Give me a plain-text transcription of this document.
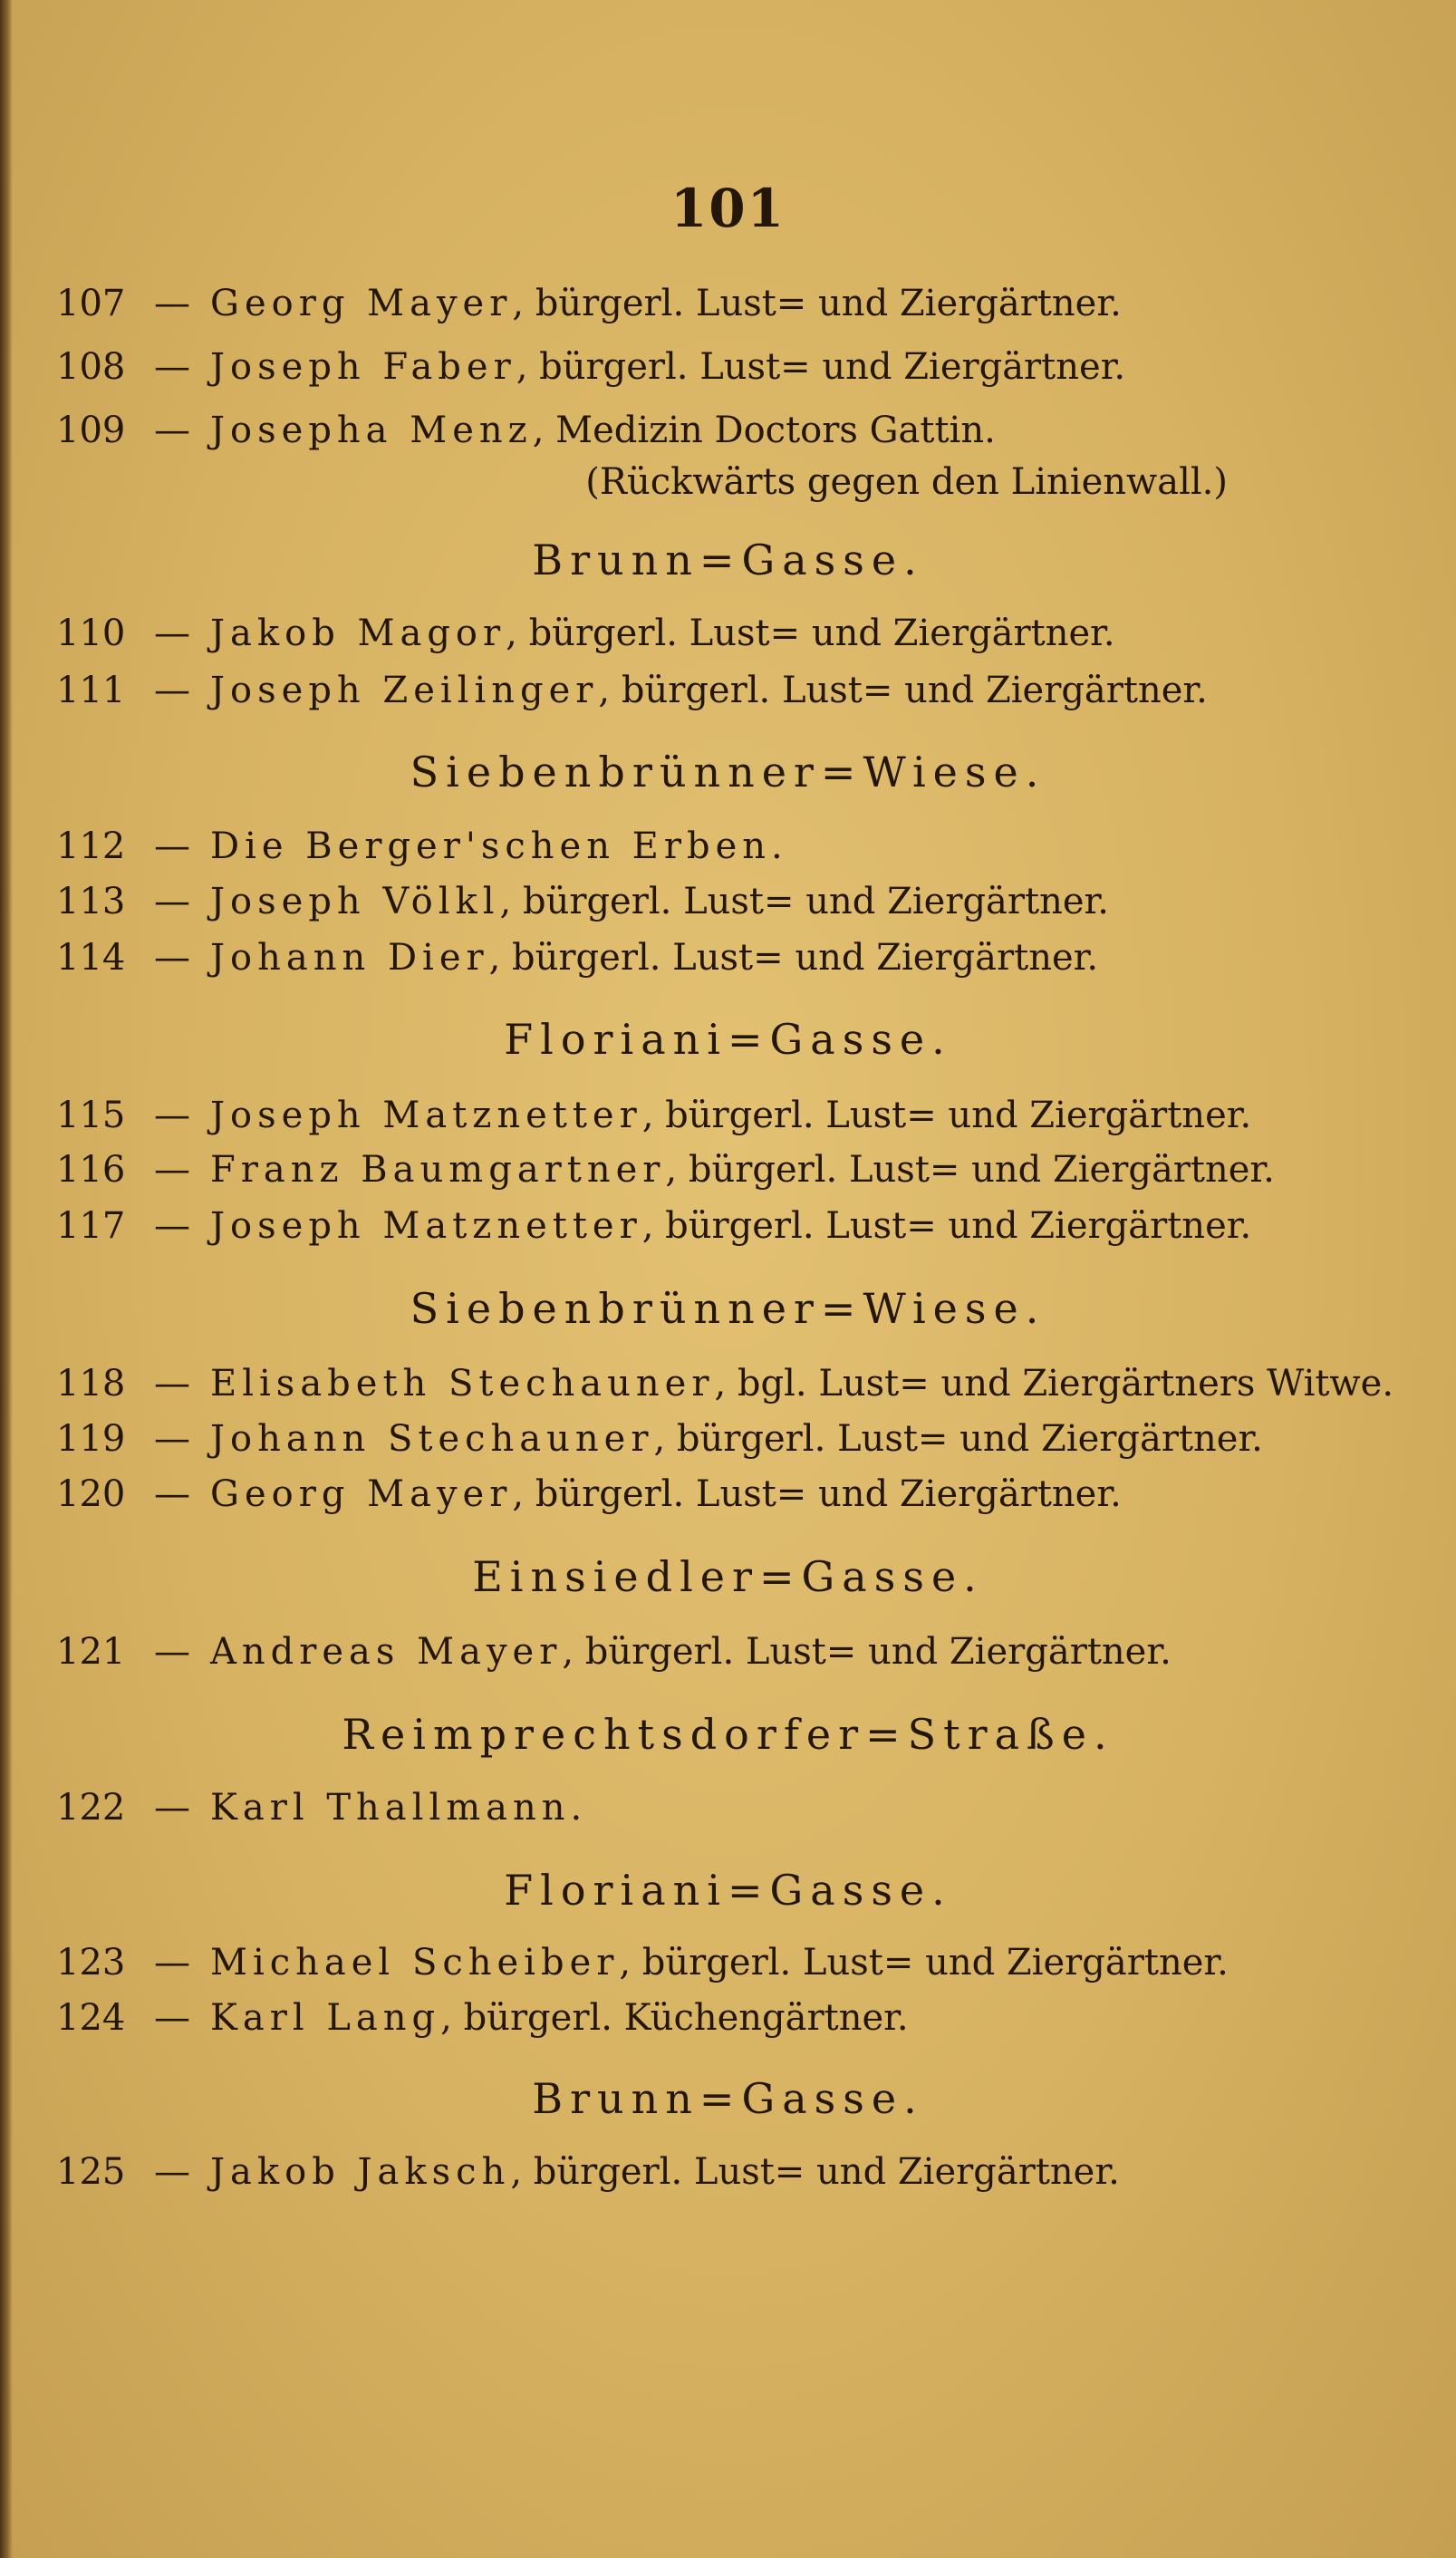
101
107 — Georg Mayer, bürgerl. Lust= und Ziergärtner.
108 — Joseph Faber, bürgerl. Lust= und Ziergärtner.
109 — Josepha Menz, Medizin Doctors Gattin.
(Rückwärts gegen den Linienwall.)
Brunn=Gasse.
110 — Jakob Magor, bürgerl. Lust= und Ziergärtner.
111 — Joseph Zeilinger, bürgerl. Lust= und Ziergärtner.
Siebenbrünner=Wiese.
112 — Die Berger'schen Erben.
113 — Joseph Völkl, bürgerl. Lust= und Ziergärtner.
114 — Johann Dier, bürgerl. Lust= und Ziergärtner.
Floriani=Gasse.
115 — Joseph Matznetter, bürgerl. Lust= und Ziergärtner.
116 — Franz Baumgartner, bürgerl. Lust= und Ziergärtner.
117 — Joseph Matznetter, bürgerl. Lust= und Ziergärtner.
Siebenbrünner=Wiese.
118 — Elisabeth Stechauner, bgl. Lust= und Ziergärtners Witwe.
119 — Johann Stechauner, bürgerl. Lust= und Ziergärtner.
120 — Georg Mayer, bürgerl. Lust= und Ziergärtner.
Einsiedler=Gasse.
121 — Andreas Mayer, bürgerl. Lust= und Ziergärtner.
Reimprechtsdorfer=Straße.
122 — Karl Thallmann.
Floriani=Gasse.
123 — Michael Scheiber, bürgerl. Lust= und Ziergärtner.
124 — Karl Lang, bürgerl. Küchengärtner.
Brunn=Gasse.
125 — Jakob Jaksch, bürgerl. Lust= und Ziergärtner.
